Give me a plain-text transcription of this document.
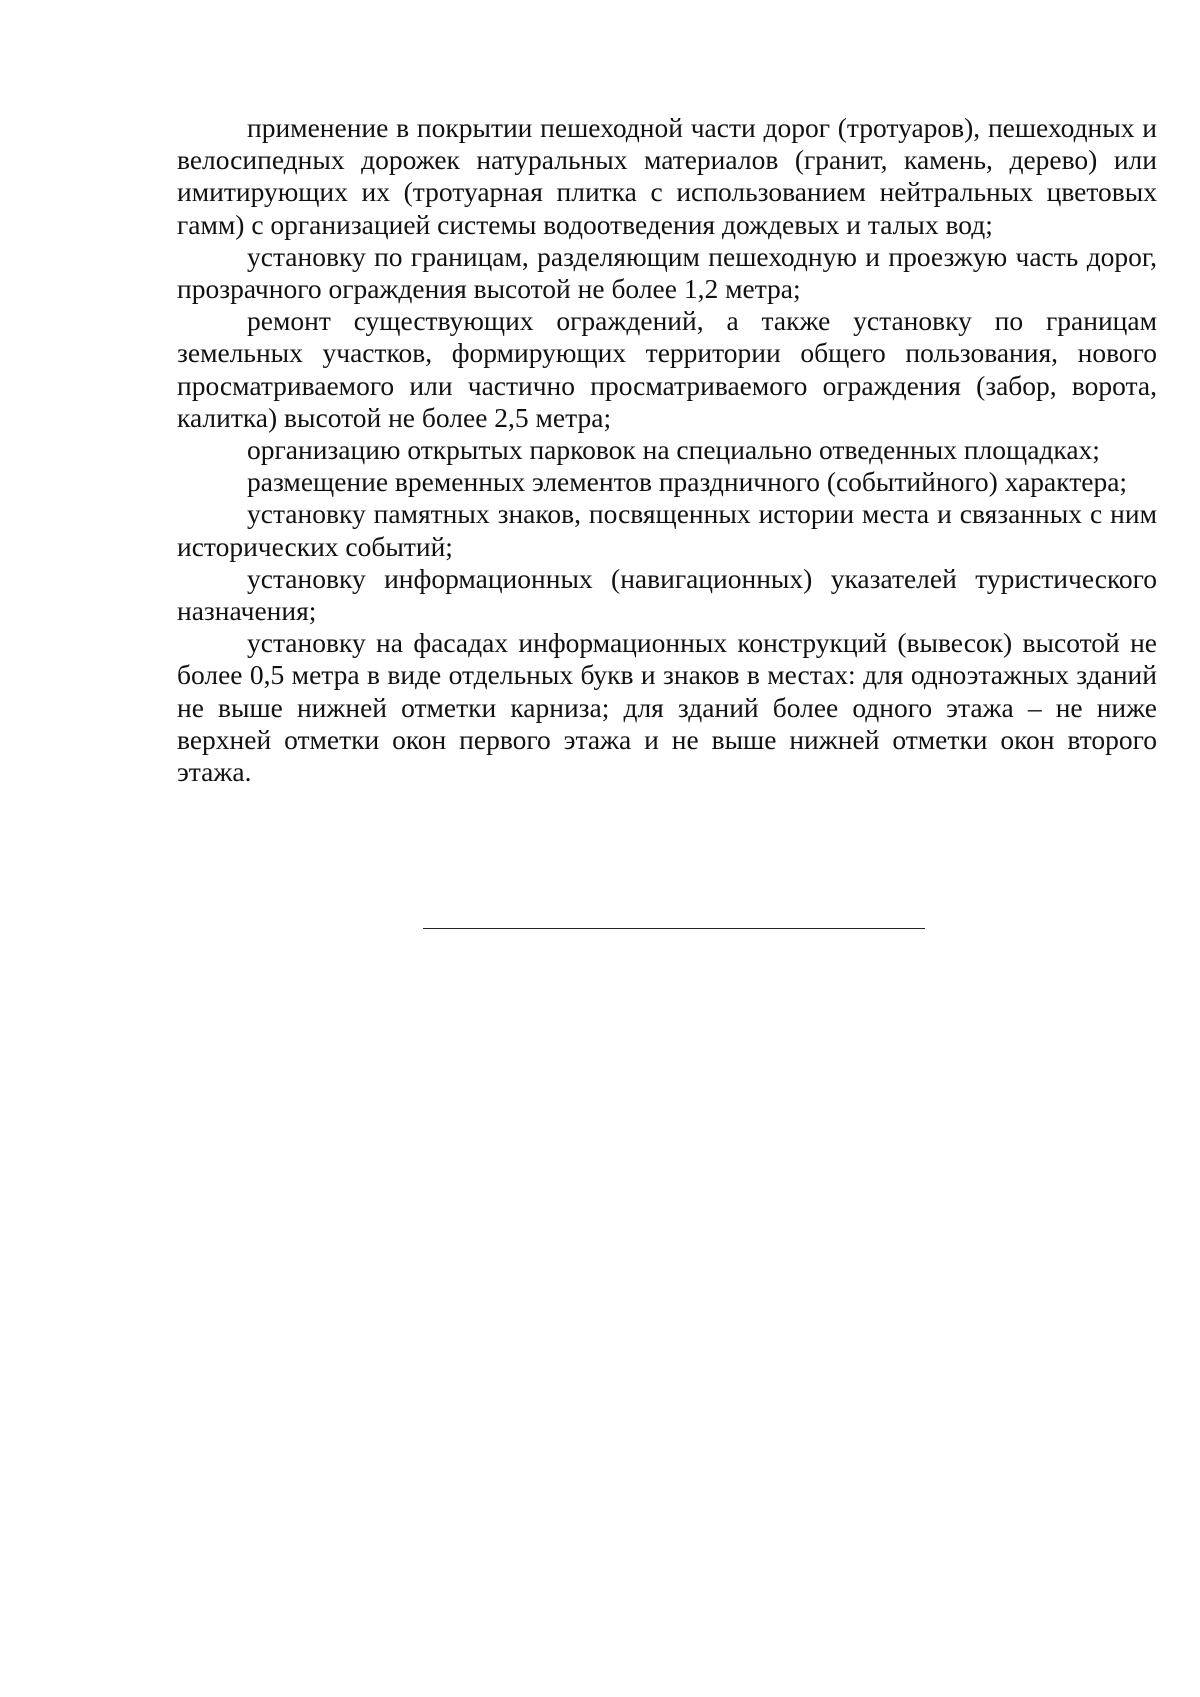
применение в покрытии пешеходной части дорог (тротуаров), пешеходных и велосипедных дорожек натуральных материалов (гранит, камень, дерево) или имитирующих их (тротуарная плитка с использованием нейтральных цветовых гамм) с организацией системы водоотведения дождевых и талых вод;

установку по границам, разделяющим пешеходную и проезжую часть дорог, прозрачного ограждения высотой не более 1,2 метра;

ремонт существующих ограждений, а также установку по границам земельных участков, формирующих территории общего пользования, нового просматриваемого или частично просматриваемого ограждения (забор, ворота, калитка) высотой не более 2,5 метра;

организацию открытых парковок на специально отведенных площадках;

размещение временных элементов праздничного (событийного) характера;

установку памятных знаков, посвященных истории места и связанных с ним исторических событий;

установку информационных (навигационных) указателей туристического назначения;

установку на фасадах информационных конструкций (вывесок) высотой не более 0,5 метра в виде отдельных букв и знаков в местах: для одноэтажных зданий не выше нижней отметки карниза; для зданий более одного этажа – не ниже верхней отметки окон первого этажа и не выше нижней отметки окон второго этажа.
